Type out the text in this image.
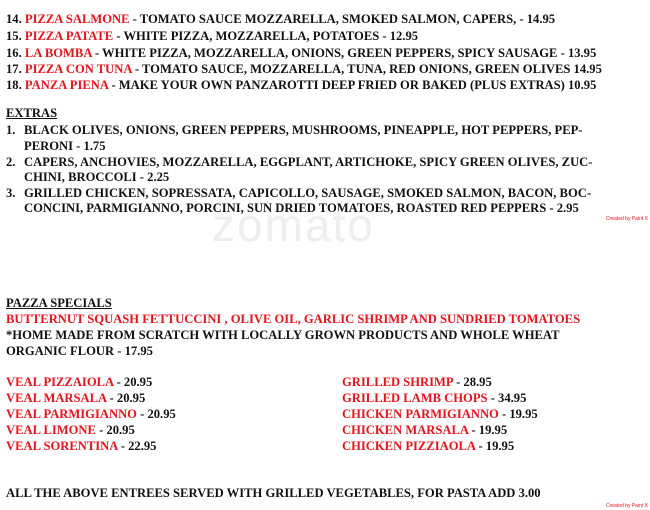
14. PIZZA SALMONE - TOMATO SAUCE MOZZARELLA, SMOKED SALMON, CAPERS, - 14.95
15. PIZZA PATATE - WHITE PIZZA, MOZZARELLA, POTATOES - 12.95
16. LA BOMBA - WHITE PIZZA, MOZZARELLA, ONIONS, GREEN PEPPERS, SPICY SAUSAGE - 13.95
17. PIZZA CON TUNA - TOMATO SAUCE, MOZZARELLA, TUNA, RED ONIONS, GREEN OLIVES 14.95
18. PANZA PIENA - MAKE YOUR OWN PANZAROTTI DEEP FRIED OR BAKED (PLUS EXTRAS) 10.95
EXTRAS
1. BLACK OLIVES, ONIONS, GREEN PEPPERS, MUSHROOMS, PINEAPPLE, HOT PEPPERS, PEP-
PERONI - 1.75
2. CAPERS, ANCHOVIES, MOZZARELLA, EGGPLANT, ARTICHOKE, SPICY GREEN OLIVES, ZUC-
CHINI, BROCCOLI - 2.25
3. GRILLED CHICKEN, SOPRESSATA, CAPICOLLO, SAUSAGE, SMOKED SALMON, BACON, BOC-
CONCINI, PARMIGIANNO, PORCINI, SUN DRIED TOMATOES, ROASTED RED PEPPERS - 2.95
Created by Paint X
zomato
PAZZA SPECIALS
BUTTERNUT SQUASH FETTUCCINI , OLIVE OIL, GARLIC SHRIMP AND SUNDRIED TOMATOES
*HOME MADE FROM SCRATCH WITH LOCALLY GROWN PRODUCTS AND WHOLE WHEAT
ORGANIC FLOUR - 17.95
VEAL PIZZAIOLA - 20.95
VEAL MARSALA - 20.95
VEAL PARMIGIANNO - 20.95
VEAL LIMONE - 20.95
VEAL SORENTINA - 22.95
GRILLED SHRIMP - 28.95
GRILLED LAMB CHOPS - 34.95
CHICKEN PARMIGIANNO - 19.95
CHICKEN MARSALA - 19.95
CHICKEN PIZZIAOLA - 19.95
ALL THE ABOVE ENTREES SERVED WITH GRILLED VEGETABLES, FOR PASTA ADD 3.00
Created by Paint X
